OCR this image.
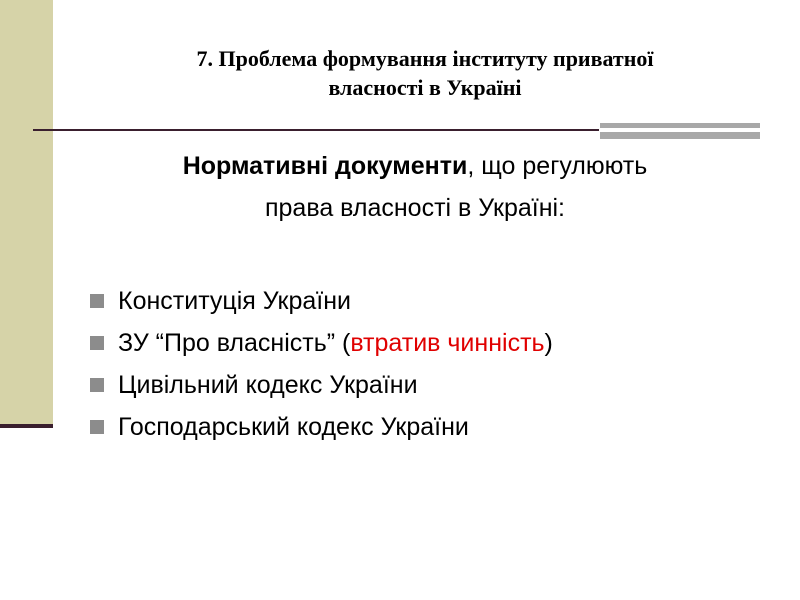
7. Проблема формування інституту приватної
власності в Україні
Нормативні документи, що регулюють
права власності в Україні:
Конституція України
ЗУ “Про власність” (втратив чинність)
Цивільний кодекс України
Господарський кодекс України
